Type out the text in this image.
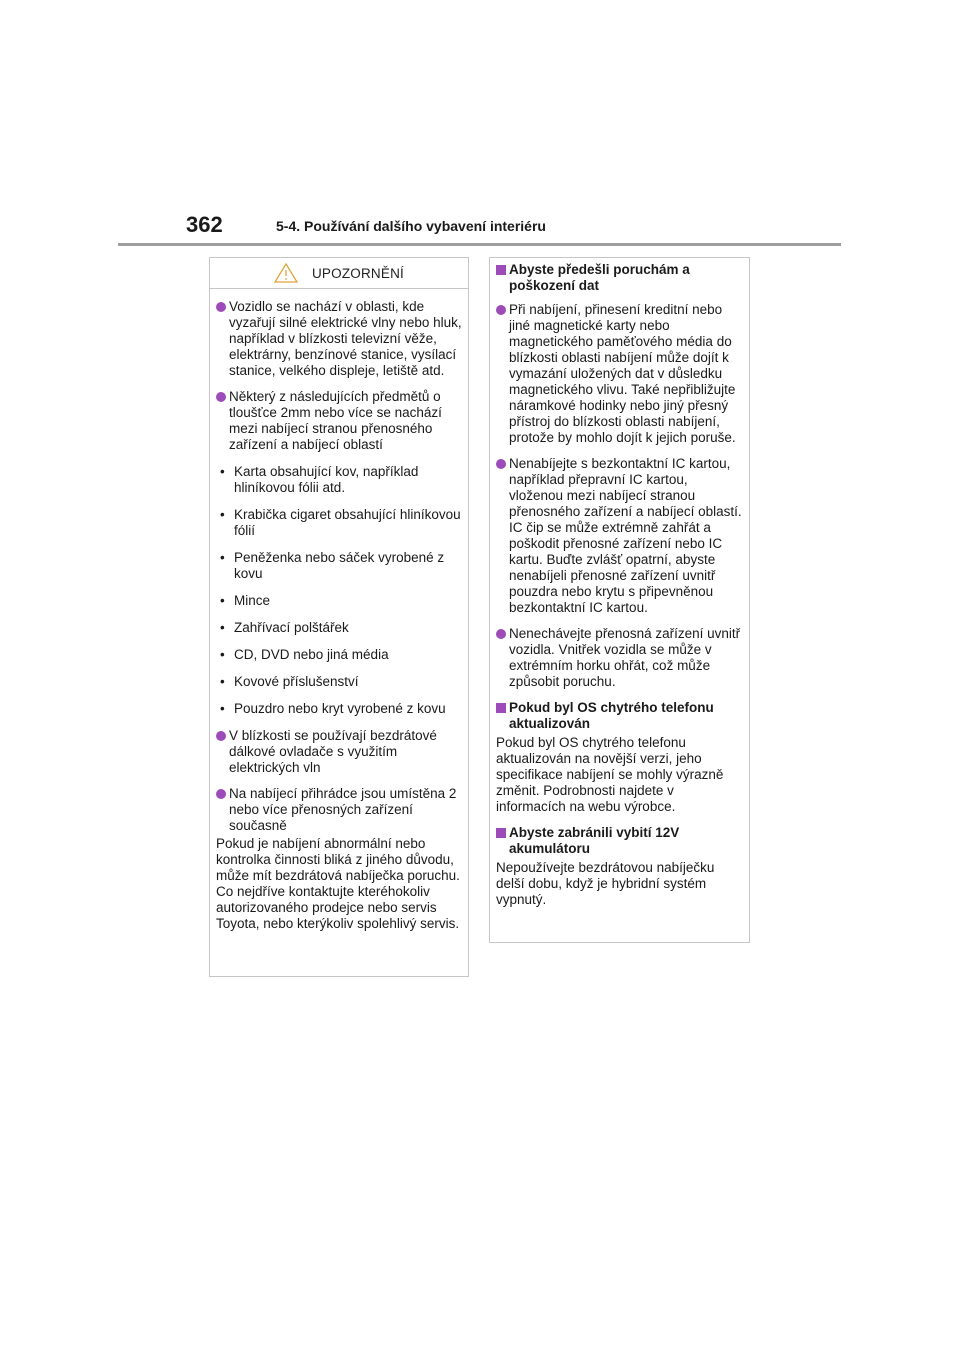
362	5-4. Používání dalšího vybavení interiéru
UPOZORNĚNÍ
Vozidlo se nachází v oblasti, kde vyzařují silné elektrické vlny nebo hluk, například v blízkosti televizní věže, elektrárny, benzínové stanice, vysílací stanice, velkého displeje, letiště atd.
Některý z následujících předmětů o tloušťce 2mm nebo více se nachází mezi nabíjecí stranou přenosného zařízení a nabíjecí oblastí
• Karta obsahující kov, například hliníkovou fólii atd.
• Krabička cigaret obsahující hliníkovou fólií
• Peněženka nebo sáček vyrobené z kovu
• Mince
• Zahřívací polštářek
• CD, DVD nebo jiná média
• Kovové příslušenství
• Pouzdro nebo kryt vyrobené z kovu
V blízkosti se používají bezdrátové dálkové ovladače s využitím elektrických vln
Na nabíjecí přihrádce jsou umístěna 2 nebo více přenosných zařízení současně
Pokud je nabíjení abnormální nebo kontrolka činnosti bliká z jiného důvodu, může mít bezdrátová nabíječka poruchu. Co nejdříve kontaktujte kteréhokoliv autorizovaného prodejce nebo servis Toyota, nebo kterýkoliv spolehlivý servis.
Abyste předešli poruchám a poškození dat
Při nabíjení, přinesení kreditní nebo jiné magnetické karty nebo magnetického paměťového média do blízkosti oblasti nabíjení může dojít k vymazání uložených dat v důsledku magnetického vlivu. Také nepřibližujte náramkové hodinky nebo jiný přesný přístroj do blízkosti oblasti nabíjení, protože by mohlo dojít k jejich poruše.
Nenabíjejte s bezkontaktní IC kartou, například přepravní IC kartou, vloženou mezi nabíjecí stranou přenosného zařízení a nabíjecí oblastí. IC čip se může extrémně zahřát a poškodit přenosné zařízení nebo IC kartu. Buďte zvlášť opatrní, abyste nenabíjeli přenosné zařízení uvnitř pouzdra nebo krytu s připevněnou bezkontaktní IC kartou.
Nenechávejte přenosná zařízení uvnitř vozidla. Vnitřek vozidla se může v extrémním horku ohřát, což může způsobit poruchu.
Pokud byl OS chytrého telefonu aktualizován
Pokud byl OS chytrého telefonu aktualizován na novější verzi, jeho specifikace nabíjení se mohly výrazně změnit. Podrobnosti najdete v informacích na webu výrobce.
Abyste zabránili vybití 12V akumulátoru
Nepoužívejte bezdrátovou nabíječku delší dobu, když je hybridní systém vypnutý.
